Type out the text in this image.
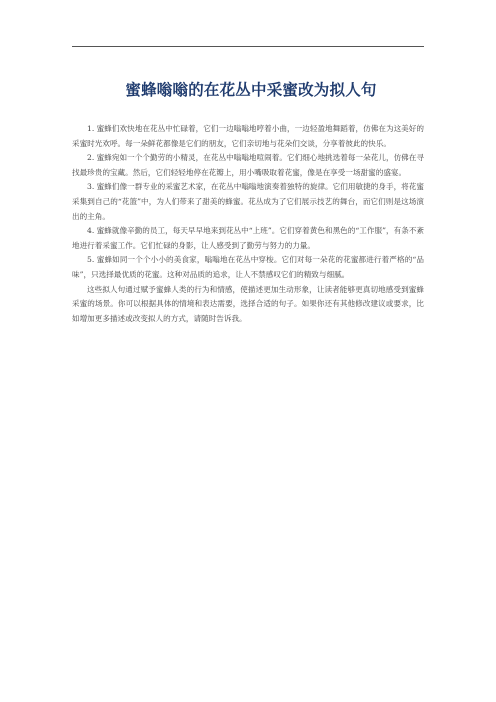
蜜蜂嗡嗡的在花丛中采蜜改为拟人句

1. 蜜蜂们欢快地在花丛中忙碌着，它们一边嗡嗡地哼着小曲，一边轻盈地舞蹈着，仿佛在为这美好的采蜜时光欢呼。每一朵鲜花都像是它们的朋友，它们亲切地与花朵们交谈，分享着彼此的快乐。

2. 蜜蜂宛如一个个勤劳的小精灵，在花丛中嗡嗡地喧闹着。它们细心地挑选着每一朵花儿，仿佛在寻找最珍贵的宝藏。然后，它们轻轻地停在花瓣上，用小嘴吸取着花蜜，像是在享受一场甜蜜的盛宴。

3. 蜜蜂们像一群专业的采蜜艺术家，在花丛中嗡嗡地演奏着独特的旋律。它们用敏捷的身手，将花蜜采集到自己的“花篮”中，为人们带来了甜美的蜂蜜。花丛成为了它们展示技艺的舞台，而它们则是这场演出的主角。

4. 蜜蜂就像辛勤的员工，每天早早地来到花丛中“上班”。它们穿着黄色和黑色的“工作服”，有条不紊地进行着采蜜工作。它们忙碌的身影，让人感受到了勤劳与努力的力量。

5. 蜜蜂如同一个个小小的美食家，嗡嗡地在花丛中穿梭。它们对每一朵花的花蜜都进行着严格的“品味”，只选择最优质的花蜜。这种对品质的追求，让人不禁感叹它们的精致与细腻。

这些拟人句通过赋予蜜蜂人类的行为和情感，使描述更加生动形象，让读者能够更真切地感受到蜜蜂采蜜的场景。你可以根据具体的情境和表达需要，选择合适的句子。如果你还有其他修改建议或要求，比如增加更多描述或改变拟人的方式，请随时告诉我。
